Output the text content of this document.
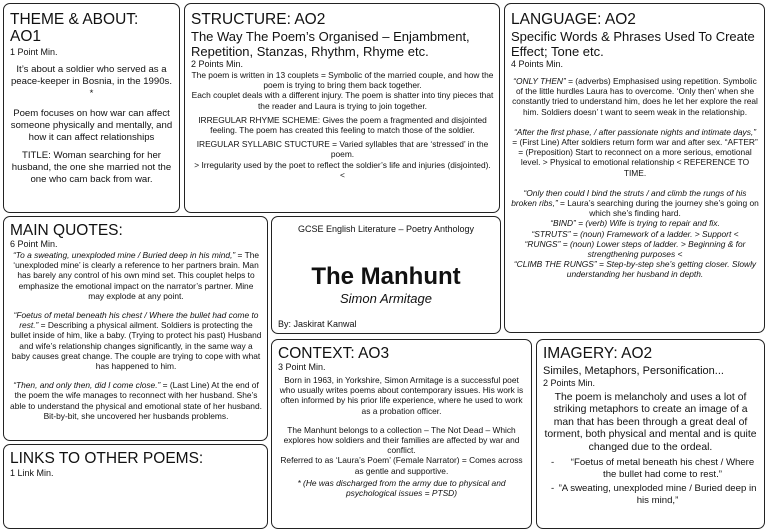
THEME & ABOUT: AO1
1 Point Min.

It’s about a soldier who served as a peace-keeper in Bosnia, in the 1990s. *

Poem focuses on how war can affect someone physically and mentally, and how it can affect relationships

TITLE: Woman searching for her husband, the one she married not the one who cam back from war.

STRUCTURE: AO2
The Way The Poem’s Organised – Enjambment, Repetition, Stanzas, Rhythm, Rhyme etc.
2 Points Min.

The poem is written in 13 couplets = Symbolic of the married couple, and how the poem is trying to bring them back together.

Each couplet deals with a different injury. The poem is shatter into tiny pieces that the reader and Laura is trying to join together.

IRREGULAR RHYME SCHEME: Gives the poem a fragmented and disjointed feeling. The poem has created this feeling to match those of the soldier.

IREGULAR SYLLABIC STUCTURE = Varied syllables that are ‘stressed’ in the poem.

> Irregularity used by the poet to reflect the soldier’s life and injuries (disjointed). <

LANGUAGE: AO2
Specific Words & Phrases Used To Create Effect; Tone etc.
4 Points Min.

“ONLY THEN” = (adverbs) Emphasised using repetition. Symbolic of the little hurdles Laura has to overcome. ‘Only then’ when she constantly tried to understand him, does he let her explore the real him. Soldiers doesn’ t want to seem weak in the relationship.

“After the first phase, / after passionate nights and intimate days,” = (First Line) After soldiers return form war and after sex. “AFTER” = (Preposition) Start to reconnect on a more serious, emotional level. > Physical to emotional relationship < REFERENCE TO TIME.

“Only then could I bind the struts / and climb the rungs of his broken ribs,” = Laura’s searching during the journey she’s going on which she’s finding hard.

“BIND” = (verb) Wife is trying to repair and fix.

“STRUTS” = (noun) Framework of a ladder. > Support <

“RUNGS” = (noun) Lower steps of ladder. > Beginning & for strengthening purposes <

“CLIMB THE RUNGS” = Step-by-step she’s getting closer. Slowly understanding her husband in depth.

MAIN QUOTES:
6 Point Min.

“To a sweating, unexploded mine / Buried deep in his mind,” = The ‘unexploded mine’ is clearly a reference to her partners brain. Man has barely any control of his own mind set. This couplet helps to emphasize the emotional impact on the narrator’s partner. Mine may explode at any point.

“Foetus of metal beneath his chest / Where the bullet had come to rest.” = Describing a physical ailment. Soldiers is protecting the bullet inside of him, like a baby. (Trying to protect his past) Husband and wife’s relationship changes significantly, in the same way a baby causes great change. The couple are trying to cope with what has happened to him.

“Then, and only then, did I come close.” = (Last Line) At the end of the poem the wife manages to reconnect with her husband. She’s able to understand the physical and emotional state of her husband. Bit-by-bit, she uncovered her husbands problems.

GCSE English Literature – Poetry Anthology
The Manhunt
Simon Armitage
By: Jaskirat Kanwal
CONTEXT: AO3
3 Point Min.

Born in 1963, in Yorkshire, Simon Armitage is a successful poet who usually writes poems about contemporary issues. His work is often informed by his prior life experience, where he used to work as a probation officer.

The Manhunt belongs to a collection – The Not Dead – Which explores how soldiers and their families are affected by war and conflict.

Referred to as ‘Laura’s Poem’ (Female Narrator) = Comes across as gentle and supportive.

* (He was discharged from the army due to physical and psychological issues = PTSD)

IMAGERY: AO2
Similes, Metaphors, Personification...
2 Points Min.

The poem is melancholy and uses a lot of striking metaphors to create an image of a man that has been through a great deal of torment, both physical and mental and is quite changed due to the ordeal.

-	“Foetus of metal beneath his chest / Where the bullet had come to rest.”
- ”A sweating, unexploded mine / Buried deep in his mind,”
LINKS TO OTHER POEMS:
1 Link Min.
